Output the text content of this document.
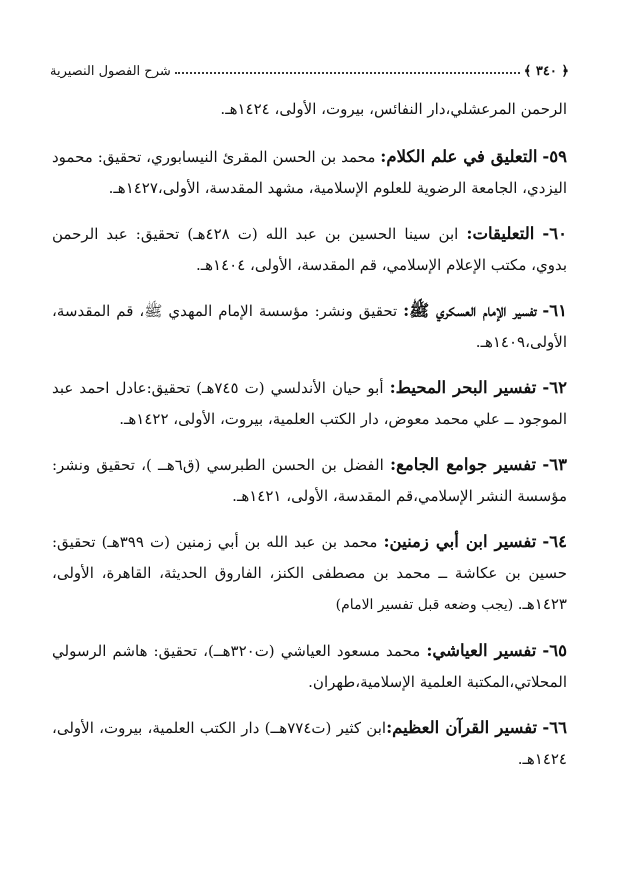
﴿ ٣٤٠ ﴾
شرح الفصول النصيرية

الرحمن المرعشلي،دار النفائس، بيروت، الأولى، ١٤٢٤هـ.

٥٩- التعليق في علم الكلام: محمد بن الحسن المقرئ النيسابوري، تحقيق: محمود اليزدي، الجامعة الرضوية للعلوم الإسلامية، مشهد المقدسة، الأولى،١٤٢٧هـ.

٦٠- التعليقات: ابن سينا الحسين بن عبد الله (ت ٤٢٨هـ) تحقيق: عبد الرحمن بدوي، مكتب الإعلام الإسلامي، قم المقدسة، الأولى، ١٤٠٤هـ.

٦١- تفسير الإمام العسكري ﷺ: تحقيق ونشر: مؤسسة الإمام المهدي ﷺ، قم المقدسة، الأولى،١٤٠٩هـ.

٦٢- تفسير البحر المحيط: أبو حيان الأندلسي (ت ٧٤٥هـ) تحقيق:عادل احمد عبد الموجود ــ علي محمد معوض، دار الكتب العلمية، بيروت، الأولى، ١٤٢٢هـ.

٦٣- تفسير جوامع الجامع: الفضل بن الحسن الطبرسي (ق٦هــ )، تحقيق ونشر: مؤسسة النشر الإسلامي،قم المقدسة، الأولى، ١٤٢١هـ.

٦٤- تفسير ابن أبي زمنين: محمد بن عبد الله بن أبي زمنين (ت ٣٩٩هـ) تحقيق: حسين بن عكاشة ــ محمد بن مصطفى الكنز، الفاروق الحديثة، القاهرة، الأولى، ١٤٢٣هـ. (يجب وضعه قبل تفسير الامام)

٦٥- تفسير العياشي: محمد مسعود العياشي (ت٣٢٠هــ)، تحقيق: هاشم الرسولي المحلاتي،المكتبة العلمية الإسلامية،طهران.

٦٦- تفسير القرآن العظيم:ابن كثير (ت٧٧٤هــ) دار الكتب العلمية، بيروت، الأولى، ١٤٢٤هـ.
